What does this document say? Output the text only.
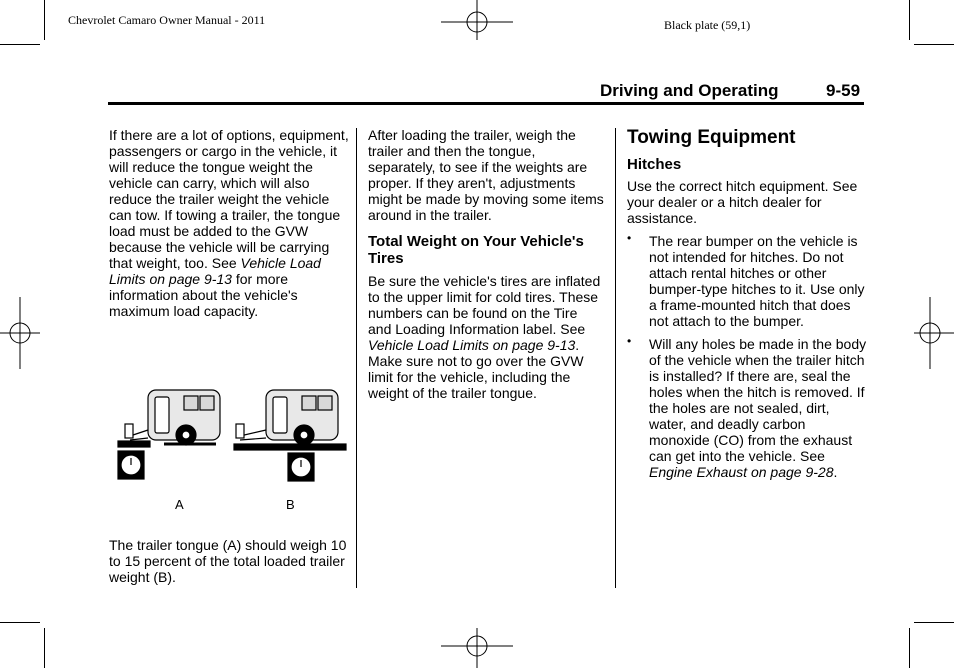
Chevrolet Camaro Owner Manual - 2011	Black plate (59,1)
Driving and Operating	9-59

If there are a lot of options, equipment, passengers or cargo in the vehicle, it will reduce the tongue weight the vehicle can carry, which will also reduce the trailer weight the vehicle can tow. If towing a trailer, the tongue load must be added to the GVW because the vehicle will be carrying that weight, too. See Vehicle Load Limits on page 9-13 for more information about the vehicle's maximum load capacity.

A	B

The trailer tongue (A) should weigh 10 to 15 percent of the total loaded trailer weight (B).

After loading the trailer, weigh the trailer and then the tongue, separately, to see if the weights are proper. If they aren't, adjustments might be made by moving some items around in the trailer.

Total Weight on Your Vehicle's Tires

Be sure the vehicle's tires are inflated to the upper limit for cold tires. These numbers can be found on the Tire and Loading Information label. See Vehicle Load Limits on page 9-13. Make sure not to go over the GVW limit for the vehicle, including the weight of the trailer tongue.

Towing Equipment
Hitches

Use the correct hitch equipment. See your dealer or a hitch dealer for assistance.

• The rear bumper on the vehicle is not intended for hitches. Do not attach rental hitches or other bumper-type hitches to it. Use only a frame-mounted hitch that does not attach to the bumper.
• Will any holes be made in the body of the vehicle when the trailer hitch is installed? If there are, seal the holes when the hitch is removed. If the holes are not sealed, dirt, water, and deadly carbon monoxide (CO) from the exhaust can get into the vehicle. See Engine Exhaust on page 9-28.
